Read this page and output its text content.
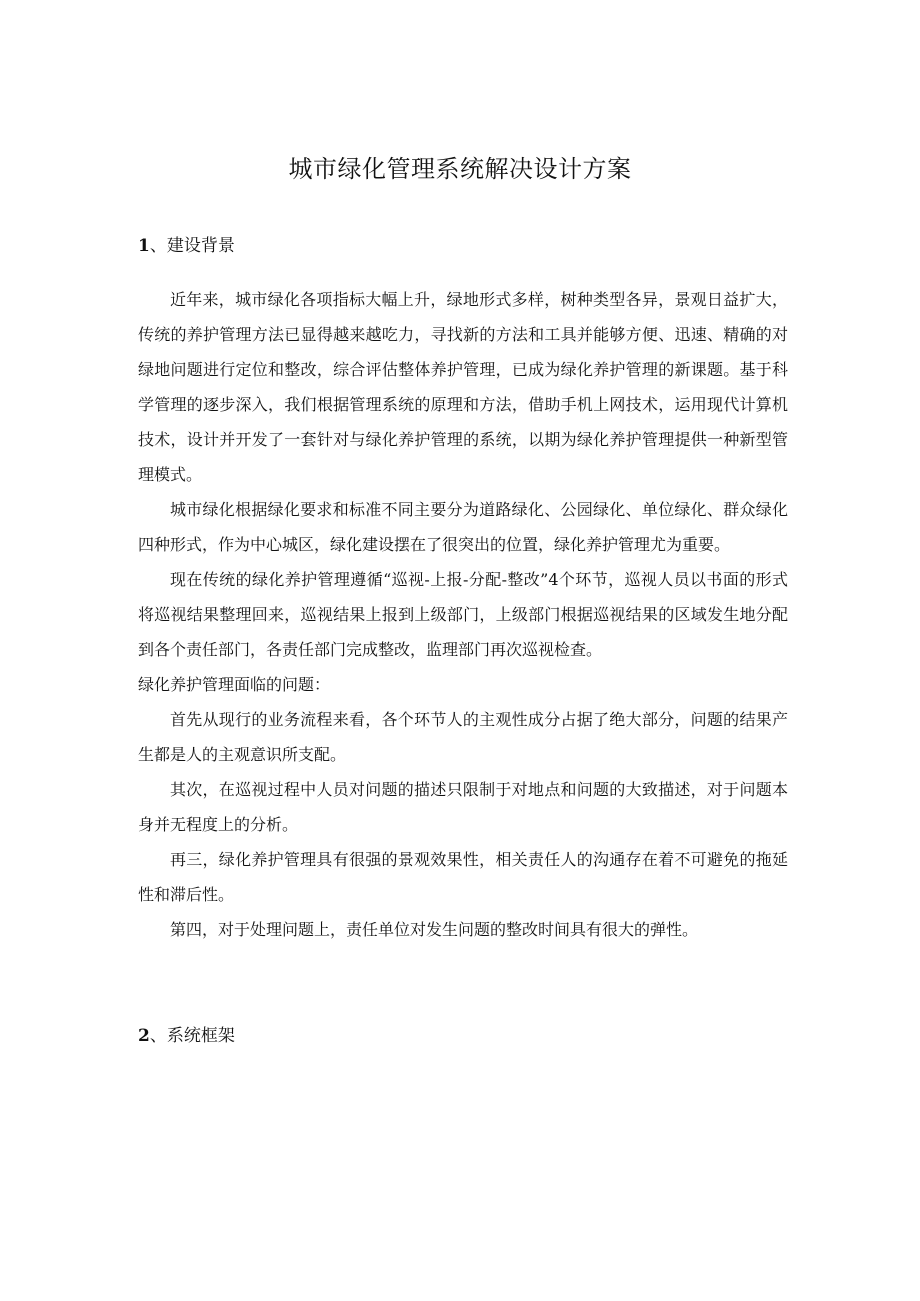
城市绿化管理系统解决设计方案
1、建设背景

近年来，城市绿化各项指标大幅上升，绿地形式多样，树种类型各异，景观日益扩大，传统的养护管理方法已显得越来越吃力，寻找新的方法和工具并能够方便、迅速、精确的对绿地问题进行定位和整改，综合评估整体养护管理，已成为绿化养护管理的新课题。基于科学管理的逐步深入，我们根据管理系统的原理和方法，借助手机上网技术，运用现代计算机技术，设计并开发了一套针对与绿化养护管理的系统，以期为绿化养护管理提供一种新型管理模式。

城市绿化根据绿化要求和标准不同主要分为道路绿化、公园绿化、单位绿化、群众绿化四种形式，作为中心城区，绿化建设摆在了很突出的位置，绿化养护管理尤为重要。

现在传统的绿化养护管理遵循“巡视-上报-分配-整改”4个环节，巡视人员以书面的形式将巡视结果整理回来，巡视结果上报到上级部门，上级部门根据巡视结果的区域发生地分配到各个责任部门，各责任部门完成整改，监理部门再次巡视检查。

绿化养护管理面临的问题：

首先从现行的业务流程来看，各个环节人的主观性成分占据了绝大部分，问题的结果产生都是人的主观意识所支配。

其次，在巡视过程中人员对问题的描述只限制于对地点和问题的大致描述，对于问题本身并无程度上的分析。

再三，绿化养护管理具有很强的景观效果性，相关责任人的沟通存在着不可避免的拖延性和滞后性。

第四，对于处理问题上，责任单位对发生问题的整改时间具有很大的弹性。

2、系统框架
